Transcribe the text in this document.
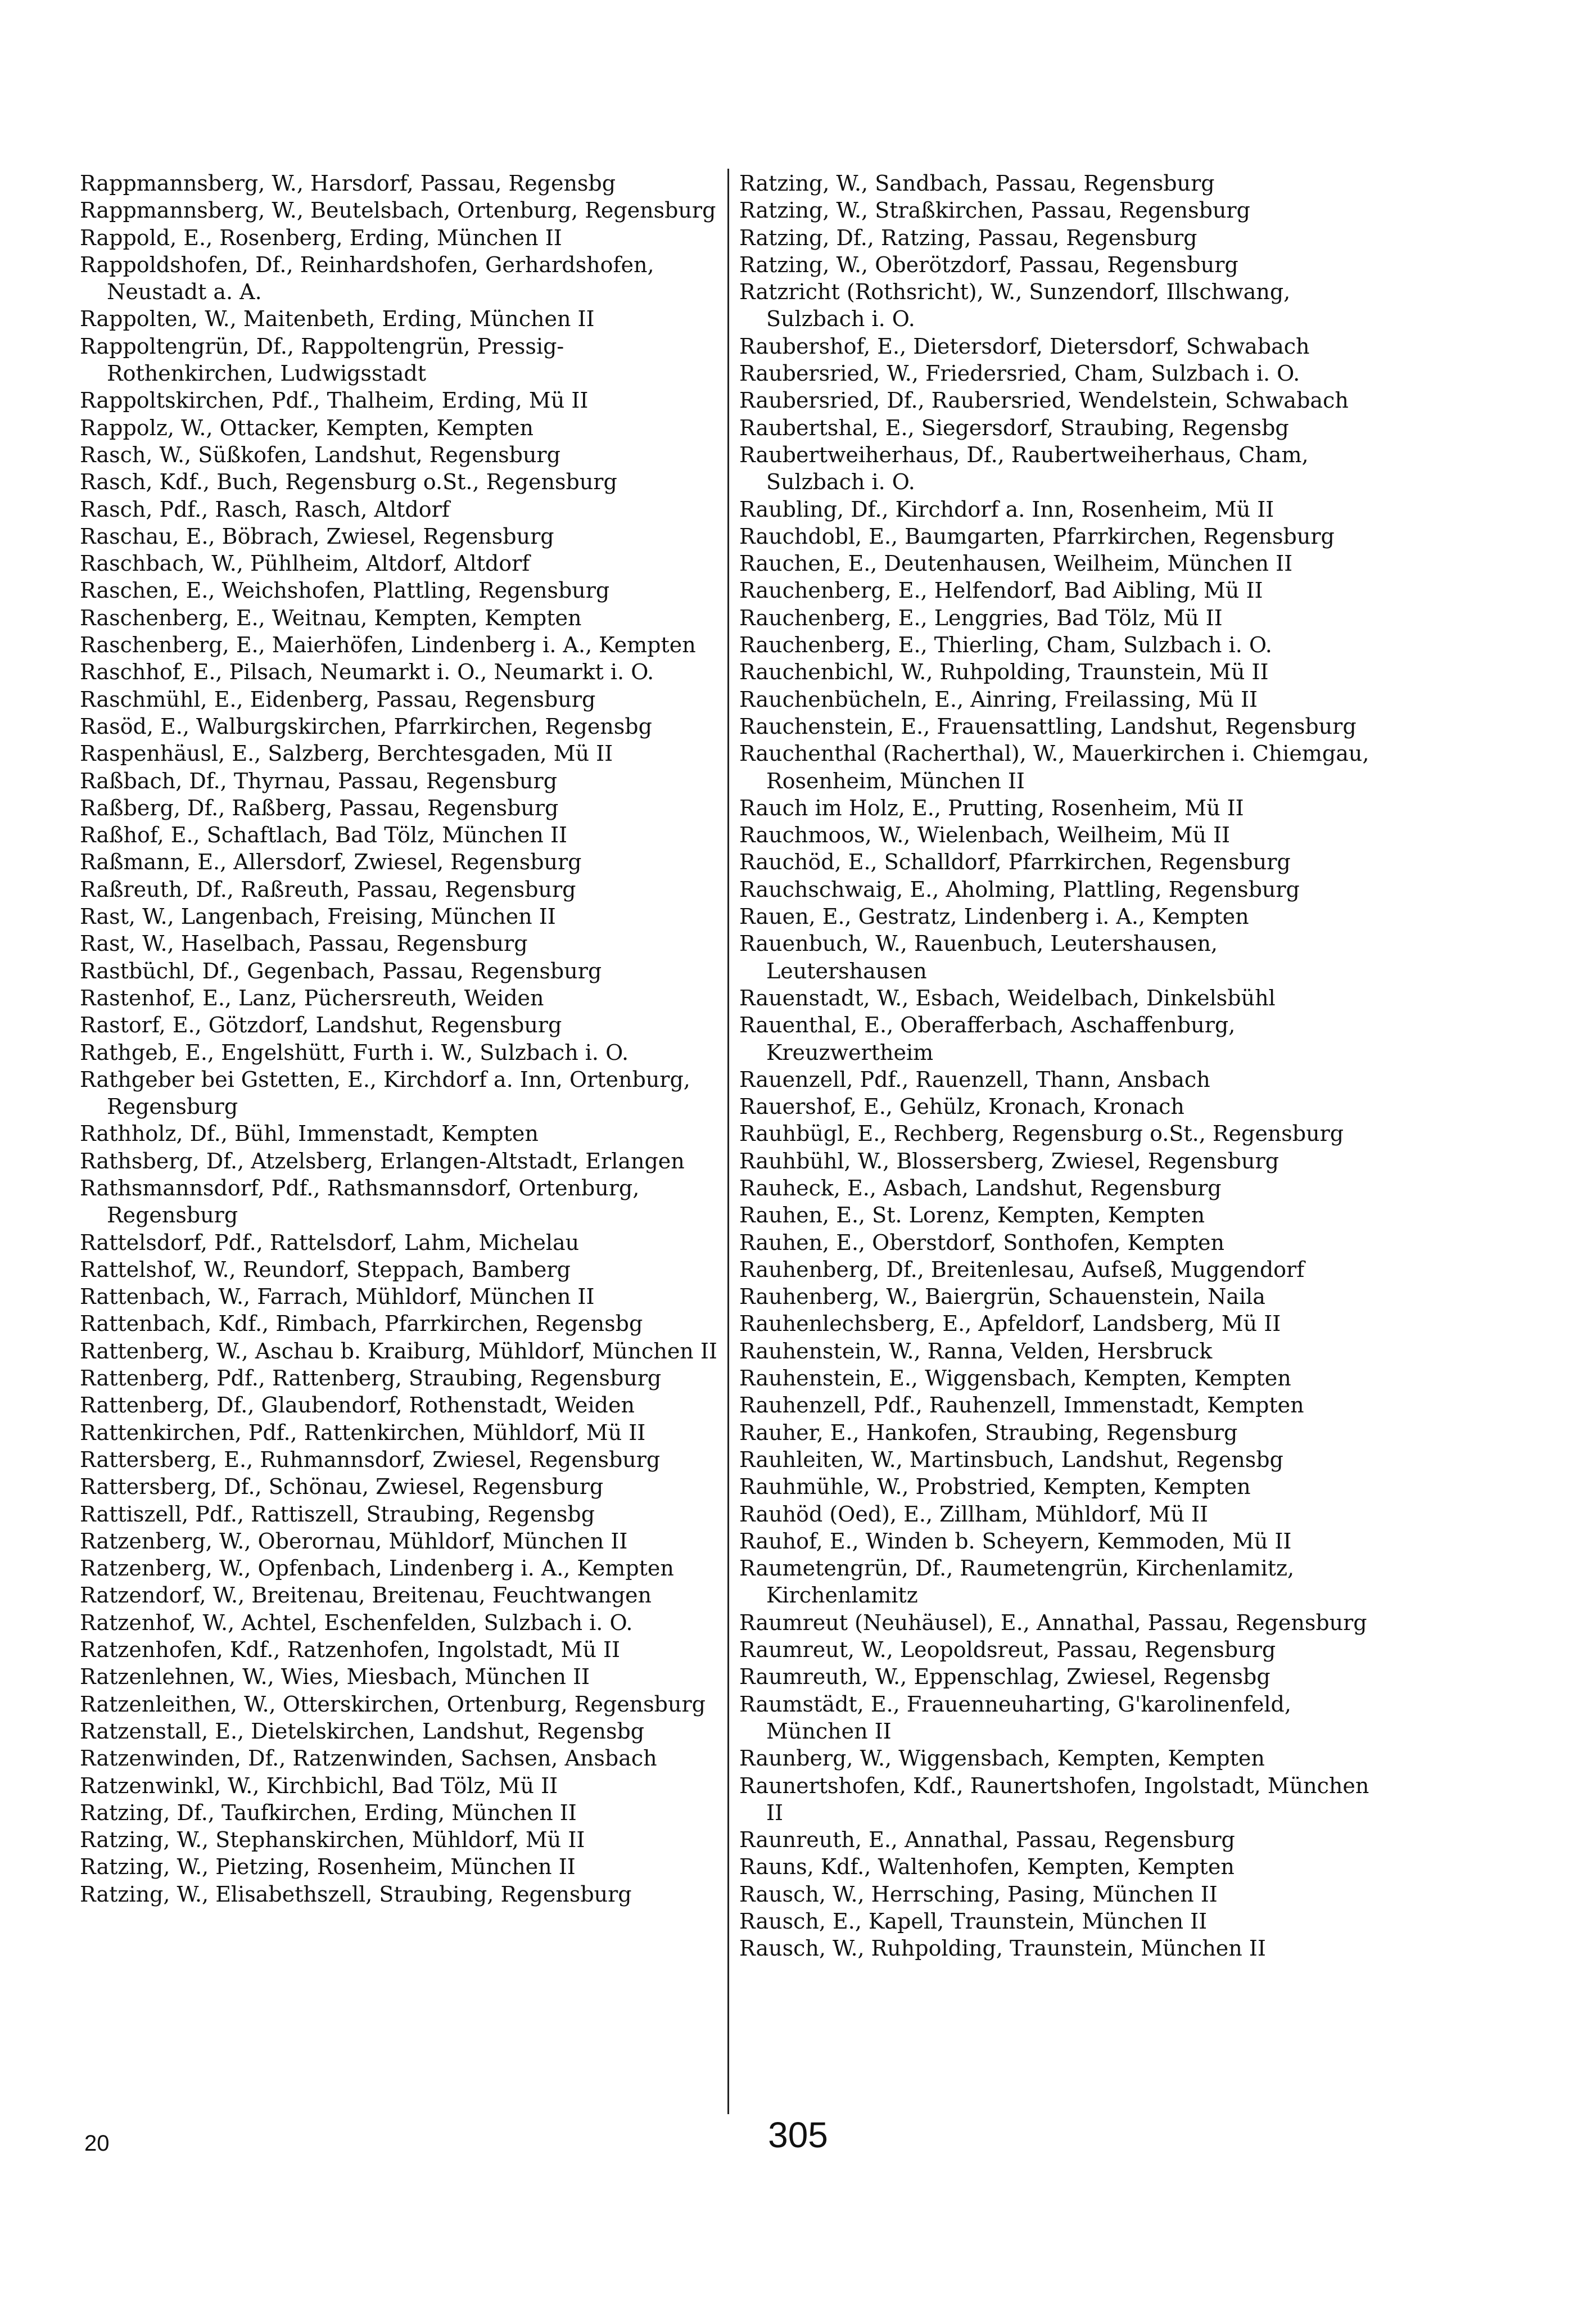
Rappmannsberg, W., Harsdorf, Passau, Regensbg

Rappmannsberg, W., Beutelsbach, Ortenburg, Regensburg

Rappold, E., Rosenberg, Erding, München II

Rappoldshofen, Df., Reinhardshofen, Gerhardshofen, Neustadt a. A.

Rappolten, W., Maitenbeth, Erding, München II

Rappoltengrün, Df., Rappoltengrün, Pressig-Rothenkirchen, Ludwigsstadt

Rappoltskirchen, Pdf., Thalheim, Erding, Mü II

Rappolz, W., Ottacker, Kempten, Kempten

Rasch, W., Süßkofen, Landshut, Regensburg

Rasch, Kdf., Buch, Regensburg o.St., Regensburg

Rasch, Pdf., Rasch, Rasch, Altdorf

Raschau, E., Böbrach, Zwiesel, Regensburg

Raschbach, W., Pühlheim, Altdorf, Altdorf

Raschen, E., Weichshofen, Plattling, Regensburg

Raschenberg, E., Weitnau, Kempten, Kempten

Raschenberg, E., Maierhöfen, Lindenberg i. A., Kempten

Raschhof, E., Pilsach, Neumarkt i. O., Neumarkt i. O.

Raschmühl, E., Eidenberg, Passau, Regensburg

Rasöd, E., Walburgskirchen, Pfarrkirchen, Regensbg

Raspenhäusl, E., Salzberg, Berchtesgaden, Mü II

Raßbach, Df., Thyrnau, Passau, Regensburg

Raßberg, Df., Raßberg, Passau, Regensburg

Raßhof, E., Schaftlach, Bad Tölz, München II

Raßmann, E., Allersdorf, Zwiesel, Regensburg

Raßreuth, Df., Raßreuth, Passau, Regensburg

Rast, W., Langenbach, Freising, München II

Rast, W., Haselbach, Passau, Regensburg

Rastbüchl, Df., Gegenbach, Passau, Regensburg

Rastenhof, E., Lanz, Püchersreuth, Weiden

Rastorf, E., Götzdorf, Landshut, Regensburg

Rathgeb, E., Engelshütt, Furth i. W., Sulzbach i. O.

Rathgeber bei Gstetten, E., Kirchdorf a. Inn, Ortenburg, Regensburg

Rathholz, Df., Bühl, Immenstadt, Kempten

Rathsberg, Df., Atzelsberg, Erlangen-Altstadt, Erlangen

Rathsmannsdorf, Pdf., Rathsmannsdorf, Ortenburg, Regensburg

Rattelsdorf, Pdf., Rattelsdorf, Lahm, Michelau

Rattelshof, W., Reundorf, Steppach, Bamberg

Rattenbach, W., Farrach, Mühldorf, München II

Rattenbach, Kdf., Rimbach, Pfarrkirchen, Regensbg

Rattenberg, W., Aschau b. Kraiburg, Mühldorf, München II

Rattenberg, Pdf., Rattenberg, Straubing, Regensburg

Rattenberg, Df., Glaubendorf, Rothenstadt, Weiden

Rattenkirchen, Pdf., Rattenkirchen, Mühldorf, Mü II

Rattersberg, E., Ruhmannsdorf, Zwiesel, Regensburg

Rattersberg, Df., Schönau, Zwiesel, Regensburg

Rattiszell, Pdf., Rattiszell, Straubing, Regensbg

Ratzenberg, W., Oberornau, Mühldorf, München II

Ratzenberg, W., Opfenbach, Lindenberg i. A., Kempten

Ratzendorf, W., Breitenau, Breitenau, Feuchtwangen

Ratzenhof, W., Achtel, Eschenfelden, Sulzbach i. O.

Ratzenhofen, Kdf., Ratzenhofen, Ingolstadt, Mü II

Ratzenlehnen, W., Wies, Miesbach, München II

Ratzenleithen, W., Otterskirchen, Ortenburg, Regensburg

Ratzenstall, E., Dietelskirchen, Landshut, Regensbg

Ratzenwinden, Df., Ratzenwinden, Sachsen, Ansbach

Ratzenwinkl, W., Kirchbichl, Bad Tölz, Mü II

Ratzing, Df., Taufkirchen, Erding, München II

Ratzing, W., Stephanskirchen, Mühldorf, Mü II

Ratzing, W., Pietzing, Rosenheim, München II

Ratzing, W., Elisabethszell, Straubing, Regensburg

Ratzing, W., Sandbach, Passau, Regensburg

Ratzing, W., Straßkirchen, Passau, Regensburg

Ratzing, Df., Ratzing, Passau, Regensburg

Ratzing, W., Oberötzdorf, Passau, Regensburg

Ratzricht (Rothsricht), W., Sunzendorf, Illschwang, Sulzbach i. O.

Raubershof, E., Dietersdorf, Dietersdorf, Schwabach

Raubersried, W., Friedersried, Cham, Sulzbach i. O.

Raubersried, Df., Raubersried, Wendelstein, Schwabach

Raubertshal, E., Siegersdorf, Straubing, Regensbg

Raubertweiherhaus, Df., Raubertweiherhaus, Cham, Sulzbach i. O.

Raubling, Df., Kirchdorf a. Inn, Rosenheim, Mü II

Rauchdobl, E., Baumgarten, Pfarrkirchen, Regensburg

Rauchen, E., Deutenhausen, Weilheim, München II

Rauchenberg, E., Helfendorf, Bad Aibling, Mü II

Rauchenberg, E., Lenggries, Bad Tölz, Mü II

Rauchenberg, E., Thierling, Cham, Sulzbach i. O.

Rauchenbichl, W., Ruhpolding, Traunstein, Mü II

Rauchenbücheln, E., Ainring, Freilassing, Mü II

Rauchenstein, E., Frauensattling, Landshut, Regensburg

Rauchenthal (Racherthal), W., Mauerkirchen i. Chiemgau, Rosenheim, München II

Rauch im Holz, E., Prutting, Rosenheim, Mü II

Rauchmoos, W., Wielenbach, Weilheim, Mü II

Rauchöd, E., Schalldorf, Pfarrkirchen, Regensburg

Rauchschwaig, E., Aholming, Plattling, Regensburg

Rauen, E., Gestratz, Lindenberg i. A., Kempten

Rauenbuch, W., Rauenbuch, Leutershausen, Leutershausen

Rauenstadt, W., Esbach, Weidelbach, Dinkelsbühl

Rauenthal, E., Oberafferbach, Aschaffenburg, Kreuzwertheim

Rauenzell, Pdf., Rauenzell, Thann, Ansbach

Rauershof, E., Gehülz, Kronach, Kronach

Rauhbügl, E., Rechberg, Regensburg o.St., Regensburg

Rauhbühl, W., Blossersberg, Zwiesel, Regensburg

Rauheck, E., Asbach, Landshut, Regensburg

Rauhen, E., St. Lorenz, Kempten, Kempten

Rauhen, E., Oberstdorf, Sonthofen, Kempten

Rauhenberg, Df., Breitenlesau, Aufseß, Muggendorf

Rauhenberg, W., Baiergrün, Schauenstein, Naila

Rauhenlechsberg, E., Apfeldorf, Landsberg, Mü II

Rauhenstein, W., Ranna, Velden, Hersbruck

Rauhenstein, E., Wiggensbach, Kempten, Kempten

Rauhenzell, Pdf., Rauhenzell, Immenstadt, Kempten

Rauher, E., Hankofen, Straubing, Regensburg

Rauhleiten, W., Martinsbuch, Landshut, Regensbg

Rauhmühle, W., Probstried, Kempten, Kempten

Rauhöd (Oed), E., Zillham, Mühldorf, Mü II

Rauhof, E., Winden b. Scheyern, Kemmoden, Mü II

Raumetengrün, Df., Raumetengrün, Kirchenlamitz, Kirchenlamitz

Raumreut (Neuhäusel), E., Annathal, Passau, Regensburg

Raumreut, W., Leopoldsreut, Passau, Regensburg

Raumreuth, W., Eppenschlag, Zwiesel, Regensbg

Raumstädt, E., Frauenneuharting, G'karolinenfeld, München II

Raunberg, W., Wiggensbach, Kempten, Kempten

Raunertshofen, Kdf., Raunertshofen, Ingolstadt, München II

Raunreuth, E., Annathal, Passau, Regensburg

Rauns, Kdf., Waltenhofen, Kempten, Kempten

Rausch, W., Herrsching, Pasing, München II

Rausch, E., Kapell, Traunstein, München II

Rausch, W., Ruhpolding, Traunstein, München II

20	305
